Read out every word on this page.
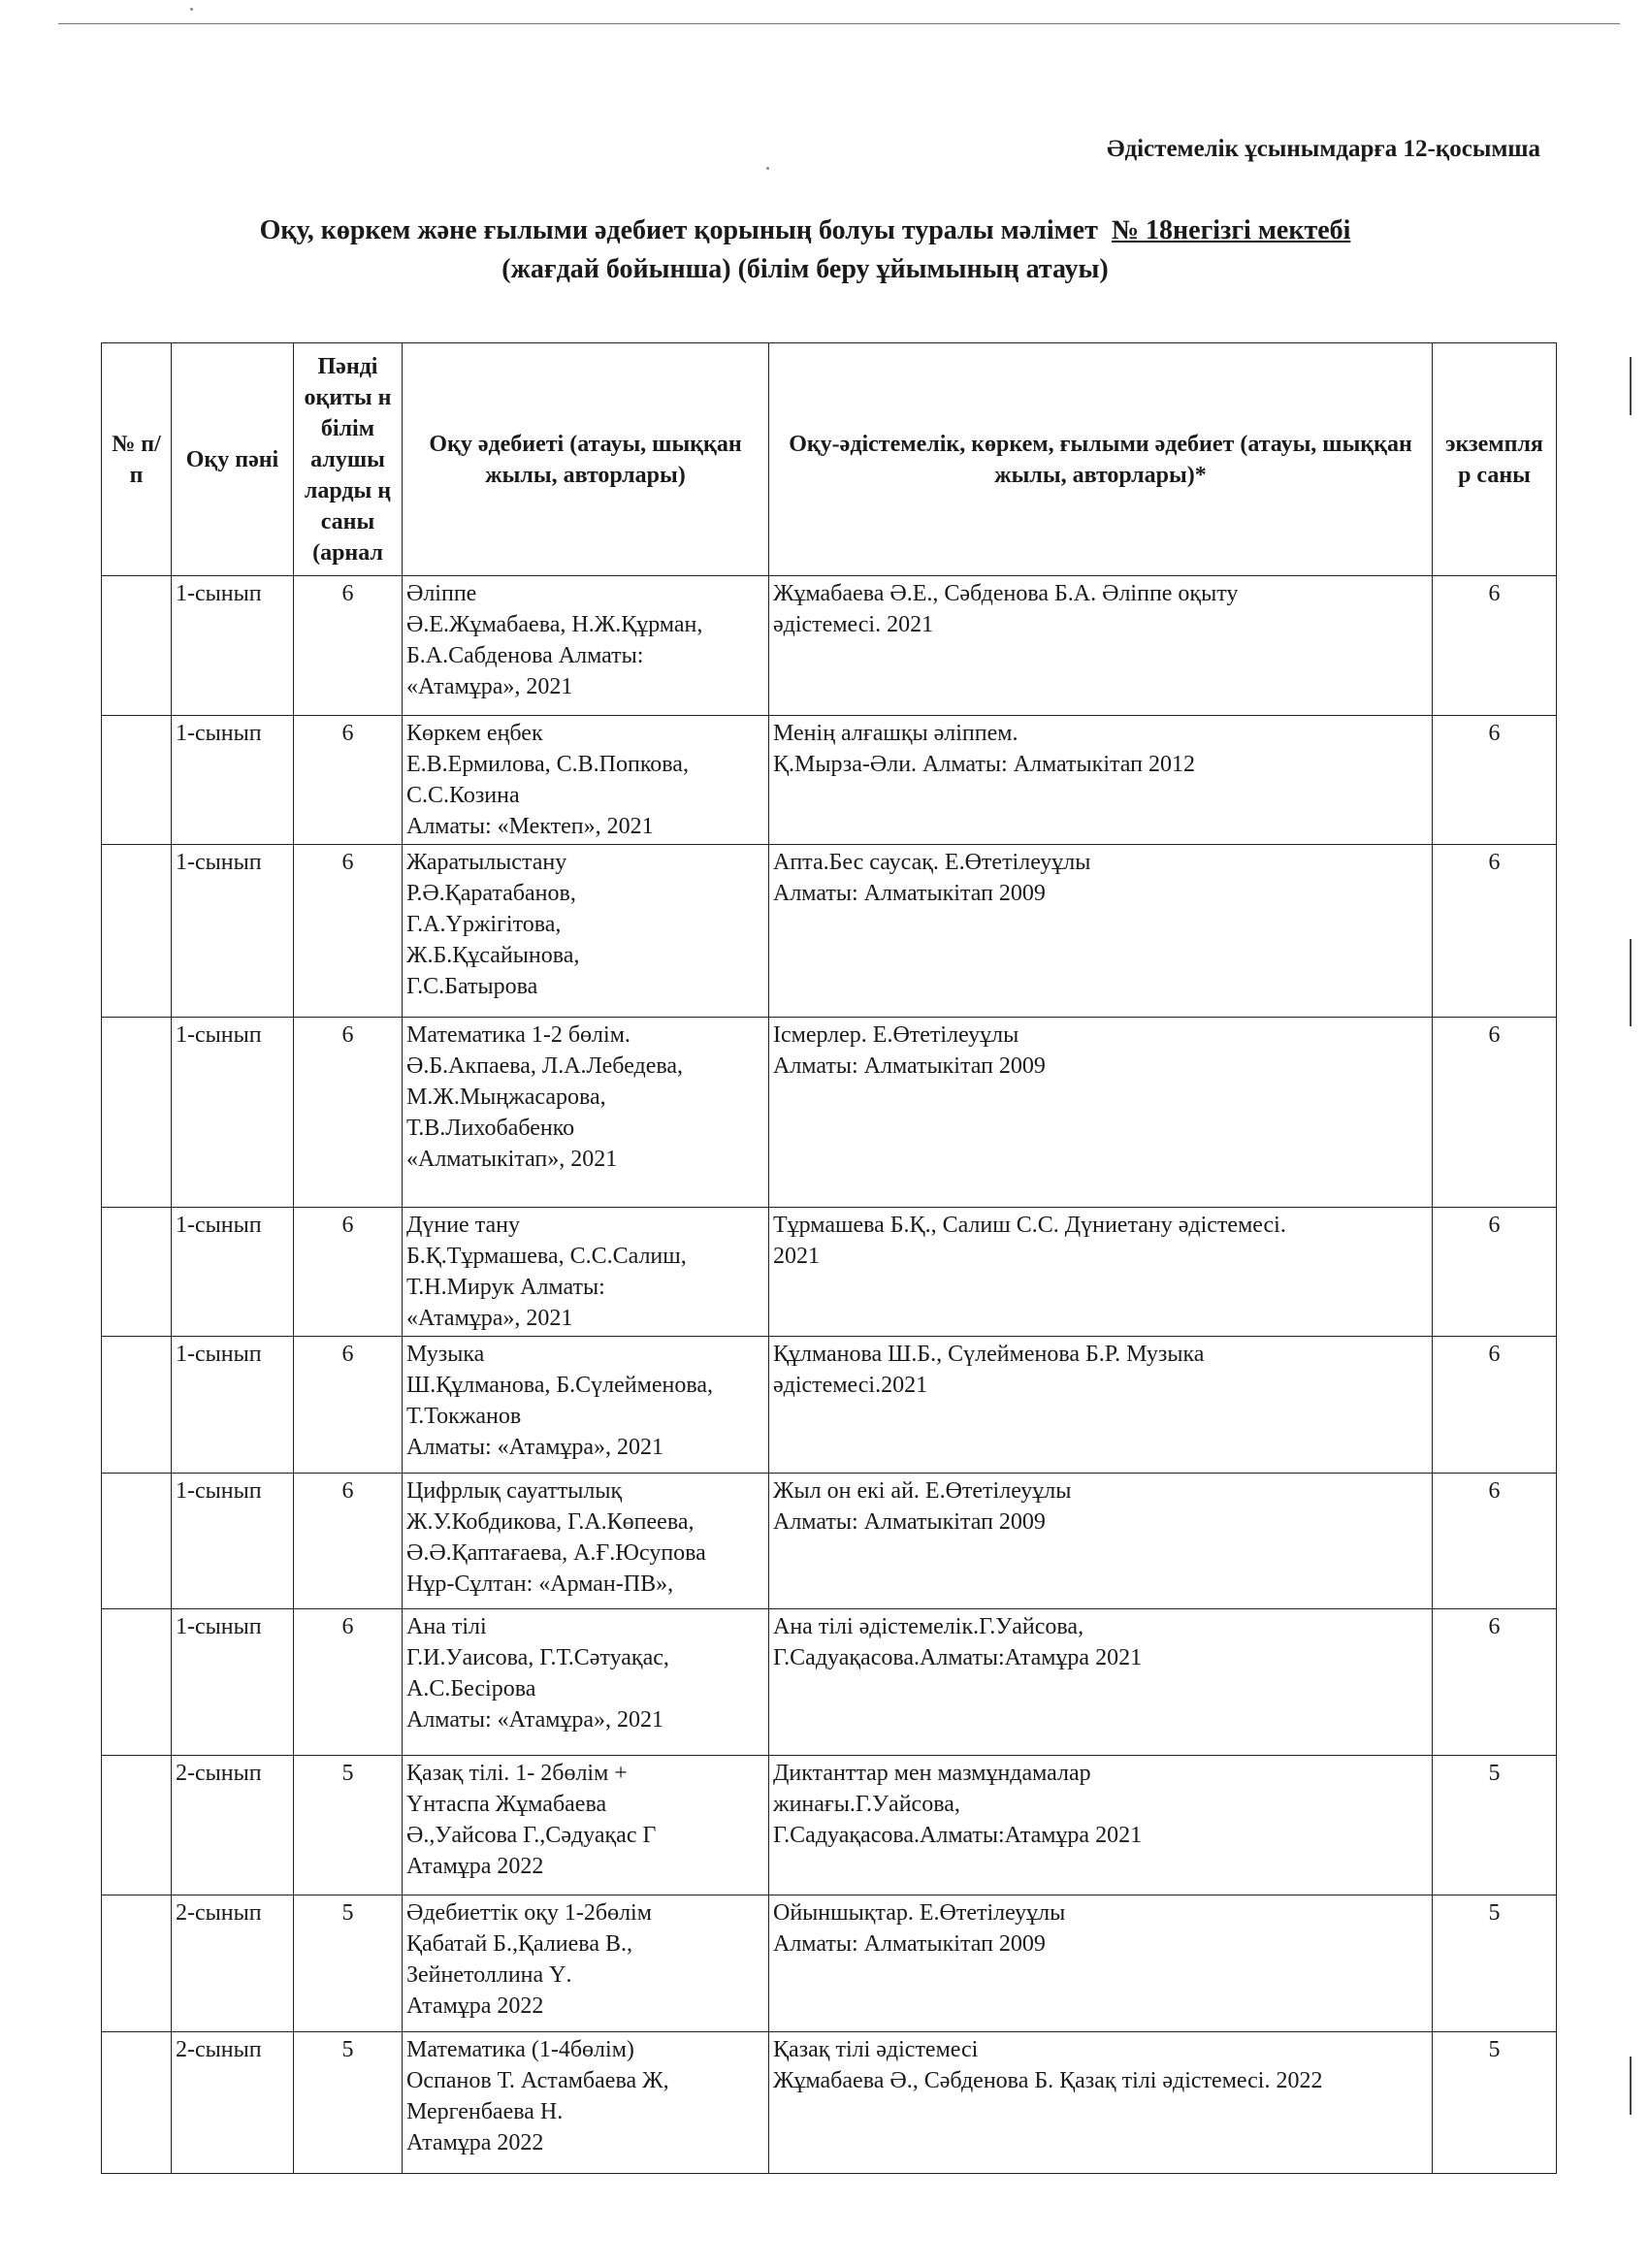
Әдістемелік ұсынымдарға 12-қосымша
Оқу, көркем және ғылыми әдебиет қорының болуы туралы мәлімет № 18негізгі мектебі
(жағдай бойынша) (білім беру ұйымының атауы)
№ п/п	Оқу пәні	Пәнді оқиты н білім алушы ларды ң саны (арнал	Оқу әдебиеті (атауы, шыққан жылы, авторлары)	Оқу-әдістемелік, көркем, ғылыми әдебиет (атауы, шыққан жылы, авторлары)*	экземпля р саны
	1-сынып	6	Әліппе
Ә.Е.Жұмабаева, Н.Ж.Құрман,
Б.А.Сабденова Алматы:
«Атамұра», 2021	Жұмабаева Ә.Е., Сәбденова Б.А. Әліппе оқыту
әдістемесі. 2021	6
	1-сынып	6	Көркем еңбек
Е.В.Ермилова, С.В.Попкова,
С.С.Козина
Алматы: «Мектеп», 2021	Менің алғашқы әліппем.
Қ.Мырза-Әли. Алматы: Алматыкітап 2012	6
	1-сынып	6	Жаратылыстану
Р.Ә.Қаратабанов,
Г.А.Үржігітова,
Ж.Б.Құсайынова,
Г.С.Батырова	Апта.Бес саусақ. Е.Өтетілеуұлы
Алматы: Алматыкітап 2009	6
	1-сынып	6	Математика 1-2 бөлім.
Ә.Б.Акпаева, Л.А.Лебедева,
М.Ж.Мыңжасарова,
Т.В.Лихобабенко
«Алматыкітап», 2021	Ісмерлер. Е.Өтетілеуұлы
Алматы: Алматыкітап 2009	6
	1-сынып	6	Дүние тану
Б.Қ.Тұрмашева, С.С.Салиш,
Т.Н.Мирук Алматы:
«Атамұра», 2021	Тұрмашева Б.Қ., Салиш С.С. Дүниетану әдістемесі.
2021	6
	1-сынып	6	Музыка
Ш.Құлманова, Б.Сүлейменова,
Т.Токжанов
Алматы: «Атамұра», 2021	Құлманова Ш.Б., Сүлейменова Б.Р. Музыка
әдістемесі.2021	6
	1-сынып	6	Цифрлық сауаттылық
Ж.У.Кобдикова, Г.А.Көпеева,
Ә.Ә.Қаптағаева, А.Ғ.Юсупова
Нұр-Сұлтан: «Арман-ПВ»,	Жыл он екі ай. Е.Өтетілеуұлы
Алматы: Алматыкітап 2009	6
	1-сынып	6	Ана тілі
Г.И.Уаисова, Г.Т.Сәтуақас,
А.С.Бесірова
Алматы: «Атамұра», 2021	Ана тілі әдістемелік.Г.Уайсова,
Г.Садуақасова.Алматы:Атамұра 2021	6
	2-сынып	5	Қазақ тілі. 1- 2бөлім +
Үнтаспа Жұмабаева
Ә.,Уайсова Г.,Сәдуақас Г
Атамұра 2022	Диктанттар мен мазмұндамалар
жинағы.Г.Уайсова,
Г.Садуақасова.Алматы:Атамұра 2021	5
	2-сынып	5	Әдебиеттік оқу 1-2бөлім
Қабатай Б.,Қалиева В.,
Зейнетоллина Ү.
Атамұра 2022	Ойыншықтар. Е.Өтетілеуұлы
Алматы: Алматыкітап 2009	5
	2-сынып	5	Математика (1-4бөлім)
Оспанов Т. Астамбаева Ж,
Мергенбаева Н.
Атамұра 2022	Қазақ тілі әдістемесі
Жұмабаева Ә., Сәбденова Б. Қазақ тілі әдістемесі. 2022	5
